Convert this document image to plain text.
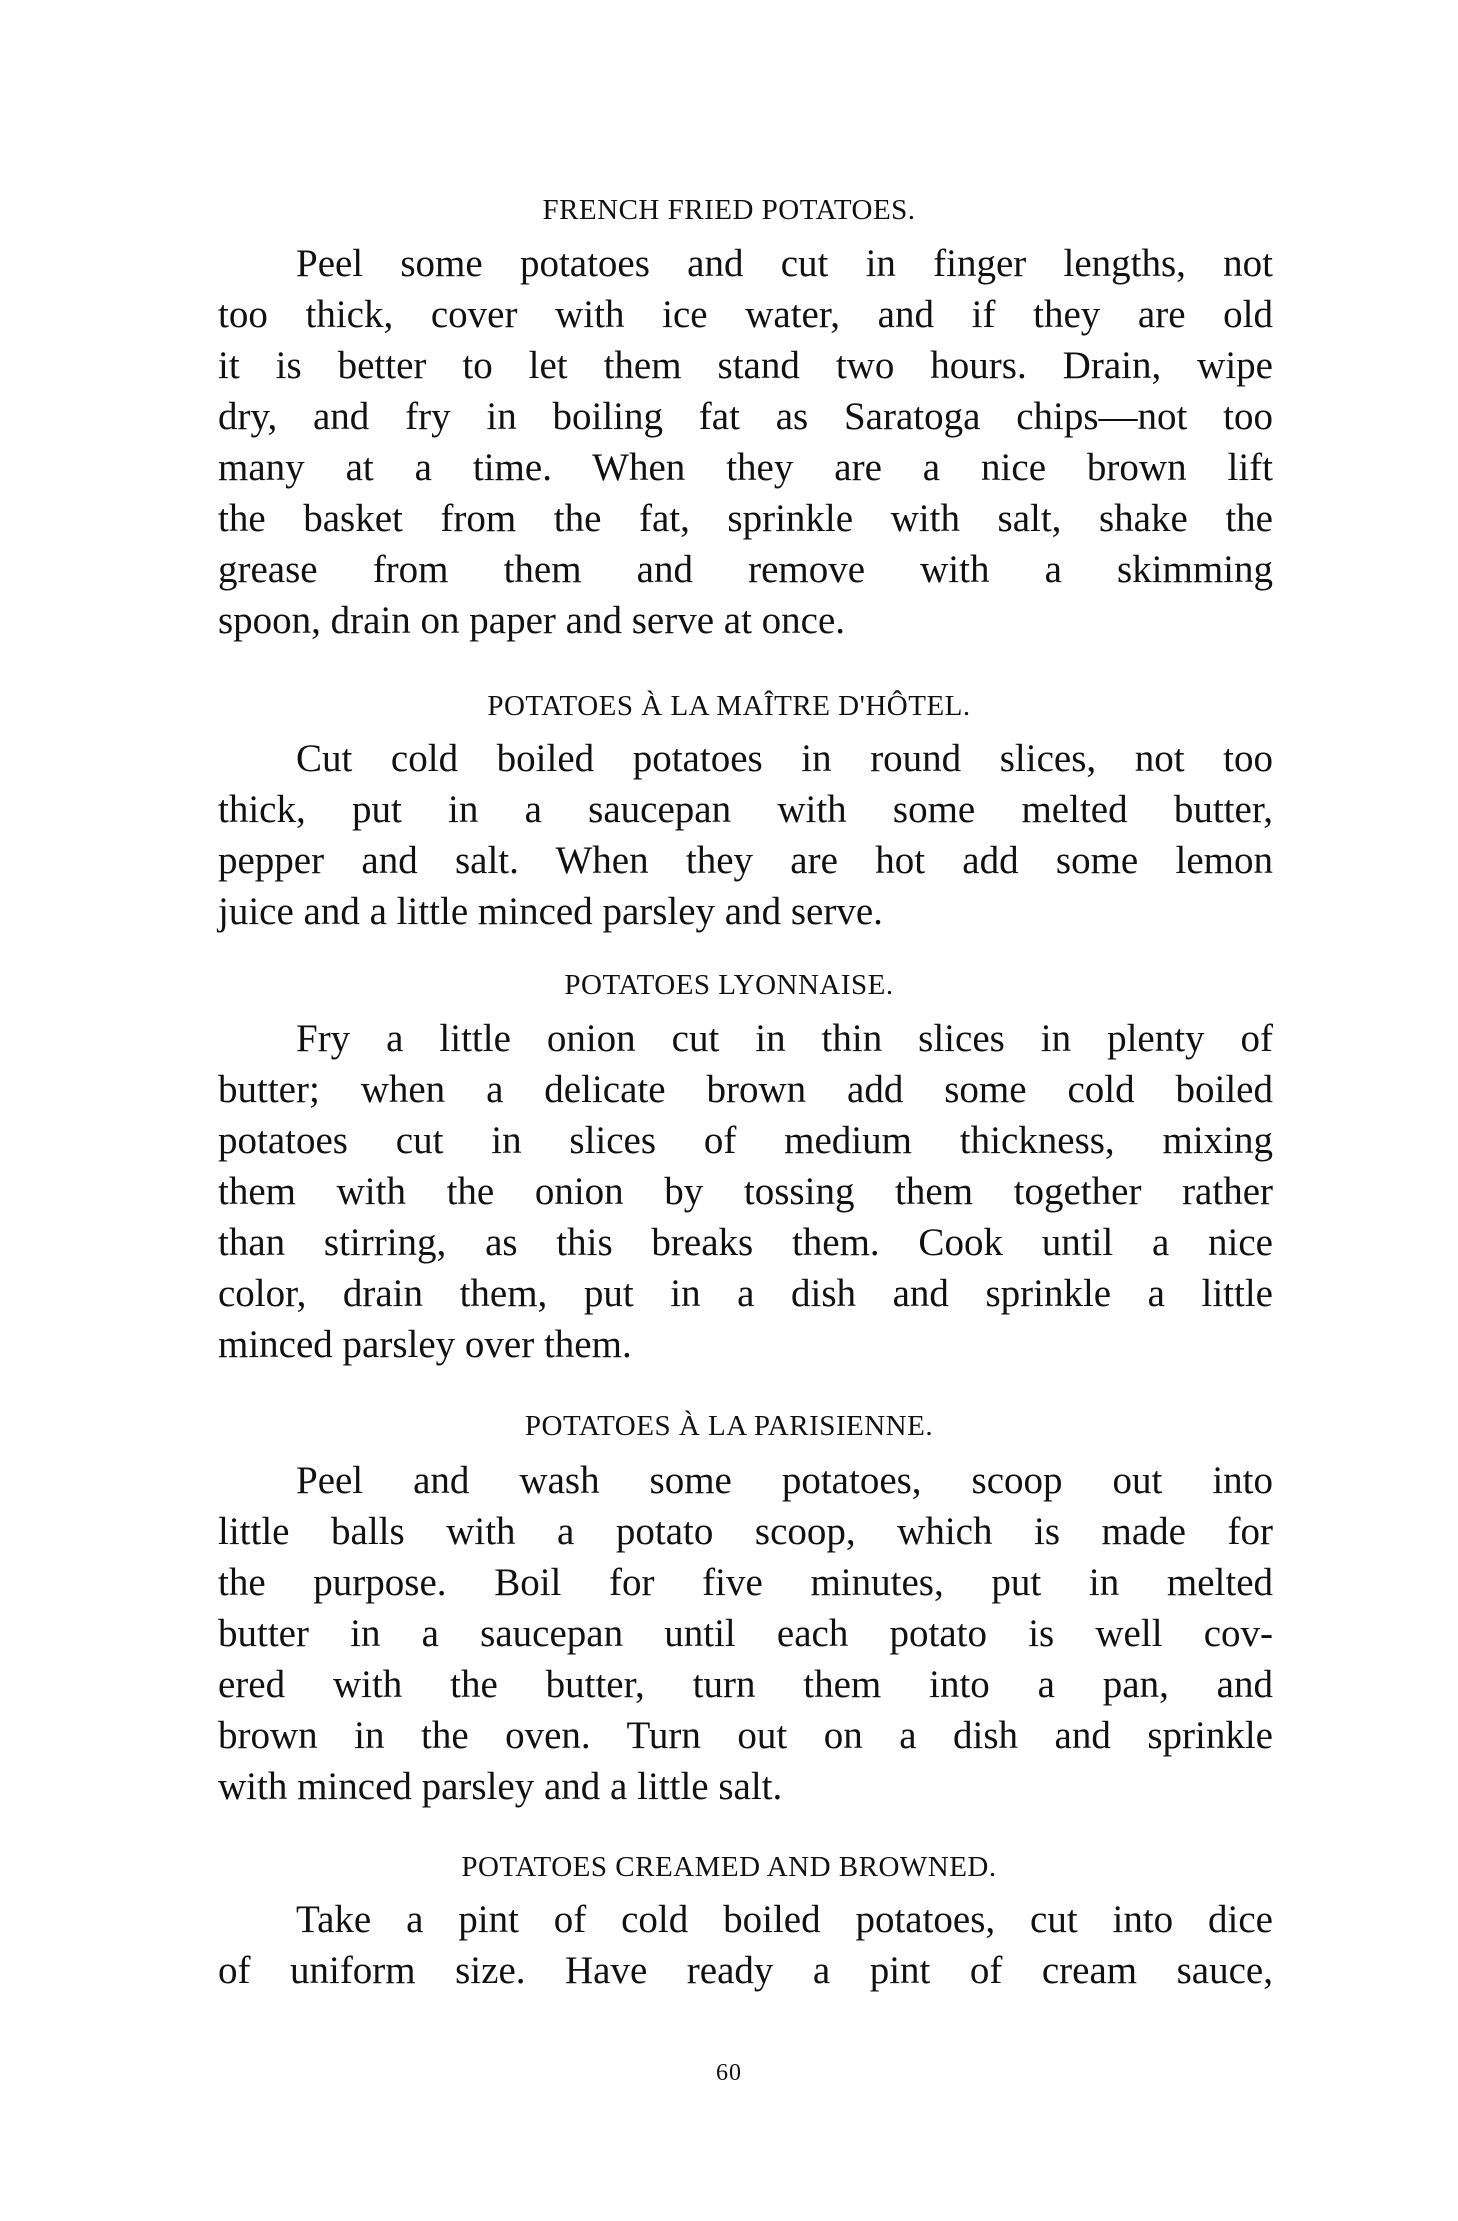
FRENCH FRIED POTATOES.
Peel some potatoes and cut in finger lengths, not
too thick, cover with ice water, and if they are old
it is better to let them stand two hours. Drain, wipe
dry, and fry in boiling fat as Saratoga chips—not too
many at a time. When they are a nice brown lift
the basket from the fat, sprinkle with salt, shake the
grease from them and remove with a skimming
spoon, drain on paper and serve at once.
POTATOES À LA MAÎTRE D'HÔTEL.
Cut cold boiled potatoes in round slices, not too
thick, put in a saucepan with some melted butter,
pepper and salt. When they are hot add some lemon
juice and a little minced parsley and serve.
POTATOES LYONNAISE.
Fry a little onion cut in thin slices in plenty of
butter; when a delicate brown add some cold boiled
potatoes cut in slices of medium thickness, mixing
them with the onion by tossing them together rather
than stirring, as this breaks them. Cook until a nice
color, drain them, put in a dish and sprinkle a little
minced parsley over them.
POTATOES À LA PARISIENNE.
Peel and wash some potatoes, scoop out into
little balls with a potato scoop, which is made for
the purpose. Boil for five minutes, put in melted
butter in a saucepan until each potato is well cov-
ered with the butter, turn them into a pan, and
brown in the oven. Turn out on a dish and sprinkle
with minced parsley and a little salt.
POTATOES CREAMED AND BROWNED.
Take a pint of cold boiled potatoes, cut into dice
of uniform size. Have ready a pint of cream sauce,
60
